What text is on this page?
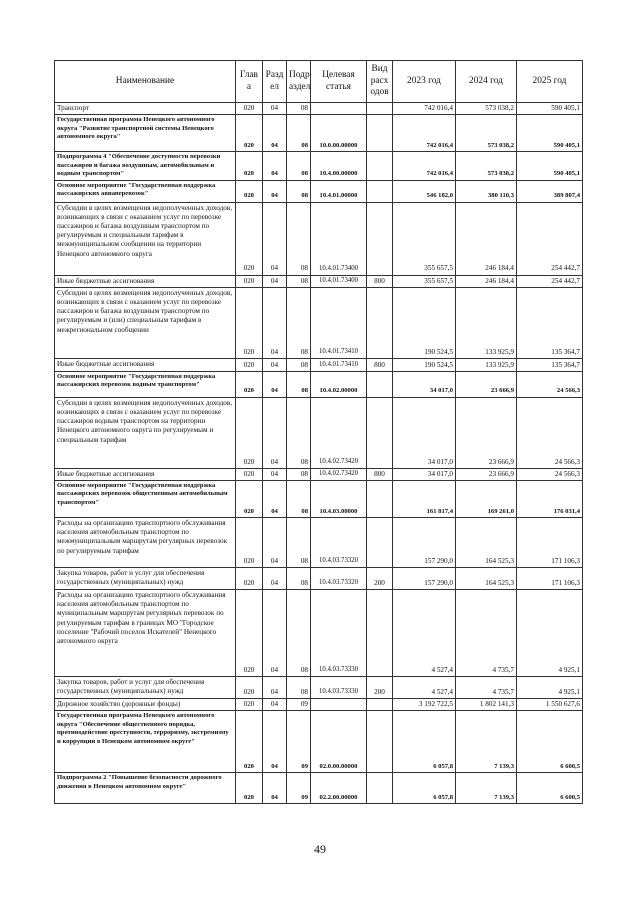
Наименование	Глав а	Разд ел	Подр аздел	Целевая статья	Вид расх одов	2023 год	2024 год	2025 год
Транспорт	020	04	08			742 016,4	573 038,2	590 405,1
Государственная программа Ненецкого автономного округа "Развитие транспортной системы Ненецкого автономного округа"	020	04	08	10.0.00.00000		742 016,4	573 038,2	590 405,1
Подпрограмма 4 "Обеспечение доступности перевозки пассажиров и багажа воздушным, автомобильным и водным транспортом"	020	04	08	10.4.00.00000		742 016,4	573 038,2	590 405,1
Основное мероприятие "Государственная поддержка пассажирских авиаперевозок"	020	04	08	10.4.01.00000		546 182,0	380 110,3	389 807,4
Субсидии в целях возмещения недополученных доходов, возникающих в связи с оказанием услуг по перевозке пассажиров и багажа воздушным транспортом по регулируемым и специальным тарифам в межмуниципальном сообщении на территории Ненецкого автономного округа	020	04	08	10.4.01.73400		355 657,5	246 184,4	254 442,7
Иные бюджетные ассигнования	020	04	08	10.4.01.73400	800	355 657,5	246 184,4	254 442,7
Субсидии в целях возмещения недополученных доходов, возникающих в связи с оказанием услуг по перевозке пассажиров и багажа воздушным транспортом по регулируемым и (или) специальным тарифам в межрегиональном сообщении	020	04	08	10.4.01.73410		190 524,5	133 925,9	135 364,7
Иные бюджетные ассигнования	020	04	08	10.4.01.73410	800	190 524,5	133 925,9	135 364,7
Основное мероприятие "Государственная поддержка пассажирских перевозок водным транспортом"	020	04	08	10.4.02.00000		34 017,0	23 666,9	24 566,3
Субсидии в целях возмещения недополученных доходов, возникающих в связи с оказанием услуг по перевозке пассажиров водным транспортом на территории Ненецкого автономного округа по регулируемым и специальным тарифам	020	04	08	10.4.02.73420		34 017,0	23 666,9	24 566,3
Иные бюджетные ассигнования	020	04	08	10.4.02.73420	800	34 017,0	23 666,9	24 566,3
Основное мероприятие "Государственная поддержка пассажирских перевозок общественным автомобильным транспортом"	020	04	08	10.4.03.00000		161 817,4	169 261,0	176 031,4
Расходы на организацию транспортного обслуживания населения автомобильным транспортом по межмуниципальным маршрутам регулярных перевозок по регулируемым тарифам	020	04	08	10.4.03.73320		157 290,0	164 525,3	171 106,3
Закупка товаров, работ и услуг для обеспечения государственных (муниципальных) нужд	020	04	08	10.4.03.73320	200	157 290,0	164 525,3	171 106,3
Расходы на организацию транспортного обслуживания населения автомобильным транспортом по муниципальным маршрутам регулярных перевозок по регулируемым тарифам в границах МО "Городское поселение "Рабочий поселок Искателей" Ненецкого автономного округа	020	04	08	10.4.03.73330		4 527,4	4 735,7	4 925,1
Закупка товаров, работ и услуг для обеспечения государственных (муниципальных) нужд	020	04	08	10.4.03.73330	200	4 527,4	4 735,7	4 925,1
Дорожное хозяйство (дорожные фонды)	020	04	09			3 192 722,5	1 802 141,3	1 550 627,6
Государственная программа Ненецкого автономного округа "Обеспечение общественного порядка, противодействие преступности, терроризму, экстремизму и коррупции в Ненецком автономном округе"	020	04	09	02.0.00.00000		6 057,8	7 139,3	6 600,5
Подпрограмма 2 "Повышение безопасности дорожного движения в Ненецком автономном округе"	020	04	09	02.2.00.00000		6 057,8	7 139,3	6 600,5
49
